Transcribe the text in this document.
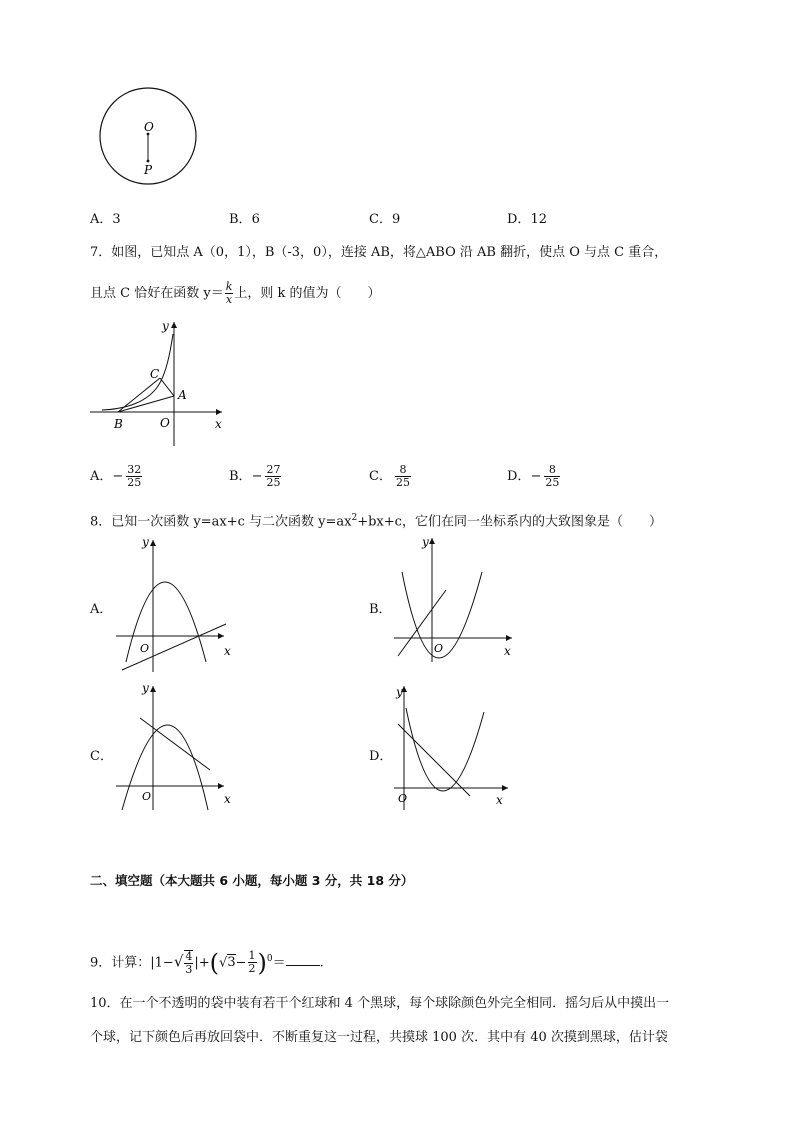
O
P
A．3	B．6	C．9	D．12
7．如图，已知点 A（0，1），B（-3，0），连接 AB，将△ABO 沿 AB 翻折，使点 O 与点 C 重合，
且点 C 恰好在函数 $y= \frac{k}{x}$ 上，则 k 的值为（　　）
y
x
C
A
B	O
A．− $\frac{32}{25}$	B．− $\frac{27}{25}$	C． $\frac{8}{25}$	D．− $\frac{8}{25}$
8．已知一次函数 y=ax+c 与二次函数 $y=ax^2+bx+c$，它们在同一坐标系内的大致图象是（　　）
A．	B．
C．	D．
y
x
O
y
x
O
y
x
O
y
x
O
二、填空题（本大题共 6 小题，每小题 3 分，共 18 分）
9．计算：$|1-√ \frac{4}{3} |+(√3- \frac{1}{2} )^0=$	.
10．在一个不透明的袋中装有若干个红球和 4 个黑球，每个球除颜色外完全相同．摇匀后从中摸出一
个球，记下颜色后再放回袋中．不断重复这一过程，共摸球 100 次．其中有 40 次摸到黑球，估计袋
